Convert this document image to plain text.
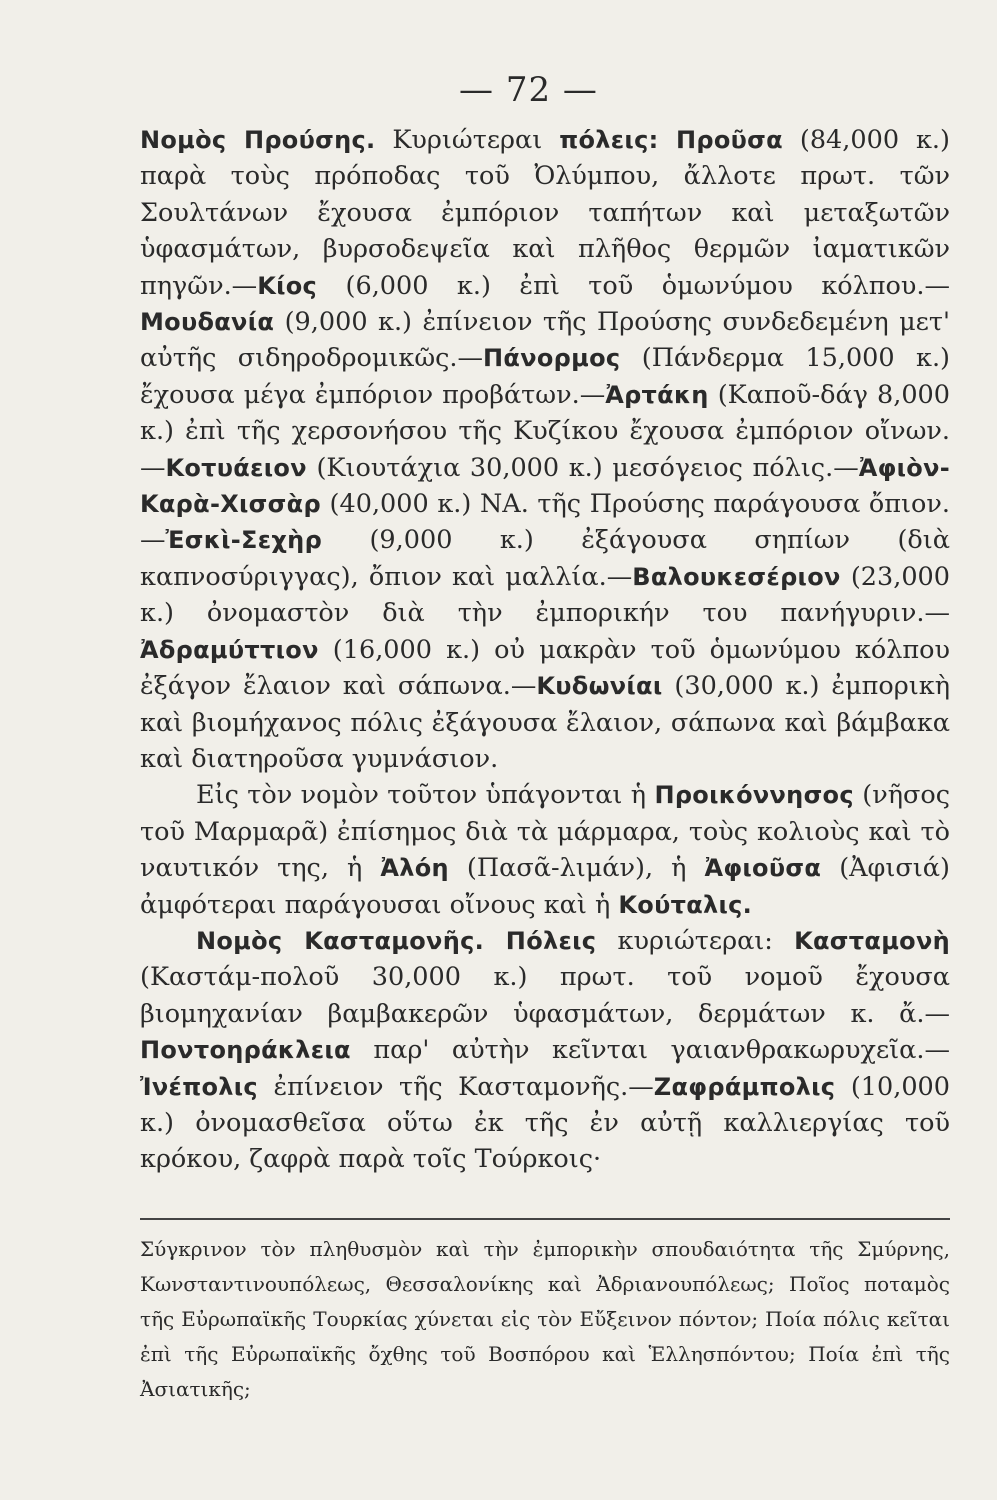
— 72 —

Νομὸς Προύσης. Κυριώτεραι πόλεις: Προῦσα (84,000 κ.) παρὰ τοὺς πρόποδας τοῦ Ὀλύμπου, ἄλλοτε πρωτ. τῶν Σουλτάνων ἔχουσα ἐμπόριον ταπήτων καὶ μεταξωτῶν ὑφασμάτων, βυρσοδεψεῖα καὶ πλῆθος θερμῶν ἰαματικῶν πηγῶν.—Κίος (6,000 κ.) ἐπὶ τοῦ ὁμωνύμου κόλπου.—Μουδανία (9,000 κ.) ἐπίνειον τῆς Προύσης συνδεδεμένη μετ' αὐτῆς σιδηροδρομικῶς.—Πάνορμος (Πάνδερμα 15,000 κ.) ἔχουσα μέγα ἐμπόριον προβάτων.—Ἀρτάκη (Καποῦ-δάγ 8,000 κ.) ἐπὶ τῆς χερσονήσου τῆς Κυζίκου ἔχουσα ἐμπόριον οἴνων.—Κοτυάειον (Κιουτάχια 30,000 κ.) μεσόγειος πόλις.—Ἀφιὸν-Καρὰ-Χισσὰρ (40,000 κ.) ΝΑ. τῆς Προύσης παράγουσα ὄπιον.—Ἐσκὶ-Σεχὴρ (9,000 κ.) ἐξάγουσα σηπίων (διὰ καπνοσύριγγας), ὄπιον καὶ μαλλία.—Βαλουκεσέριον (23,000 κ.) ὀνομαστὸν διὰ τὴν ἐμπορικήν του πανήγυριν.—Ἀδραμύττιον (16,000 κ.) οὐ μακρὰν τοῦ ὁμωνύμου κόλπου ἐξάγον ἔλαιον καὶ σάπωνα.—Κυδωνίαι (30,000 κ.) ἐμπορικὴ καὶ βιομήχανος πόλις ἐξάγουσα ἔλαιον, σάπωνα καὶ βάμβακα καὶ διατηροῦσα γυμνάσιον.

Εἰς τὸν νομὸν τοῦτον ὑπάγονται ἡ Προικόννησος (νῆσος τοῦ Μαρμαρᾶ) ἐπίσημος διὰ τὰ μάρμαρα, τοὺς κολιοὺς καὶ τὸ ναυτικόν της, ἡ Ἀλόη (Πασᾶ-λιμάν), ἡ Ἀφιοῦσα (Ἀφισιά) ἀμφότεραι παράγουσαι οἴνους καὶ ἡ Κούταλις.

Νομὸς Κασταμονῆς. Πόλεις κυριώτεραι: Κασταμονὴ (Καστάμ-πολοῦ 30,000 κ.) πρωτ. τοῦ νομοῦ ἔχουσα βιομηχανίαν βαμβακερῶν ὑφασμάτων, δερμάτων κ. ἄ.—Ποντοηράκλεια παρ' αὐτὴν κεῖνται γαιανθρακωρυχεῖα.— Ἰνέπολις ἐπίνειον τῆς Κασταμονῆς.—Ζαφράμπολις (10,000 κ.) ὀνομασθεῖσα οὕτω ἐκ τῆς ἐν αὐτῇ καλλιεργίας τοῦ κρόκου, ζαφρὰ παρὰ τοῖς Τούρκοις·

Σύγκρινον τὸν πληθυσμὸν καὶ τὴν ἐμπορικὴν σπουδαιότητα τῆς Σμύρνης, Κωνσταντινουπόλεως, Θεσσαλονίκης καὶ Ἀδριανουπόλεως; Ποῖος ποταμὸς τῆς Εὐρωπαϊκῆς Τουρκίας χύνεται εἰς τὸν Εὔξεινον πόντον; Ποία πόλις κεῖται ἐπὶ τῆς Εὐρωπαϊκῆς ὄχθης τοῦ Βοσπόρου καὶ Ἑλλησπόντου; Ποία ἐπὶ τῆς Ἀσιατικῆς;
